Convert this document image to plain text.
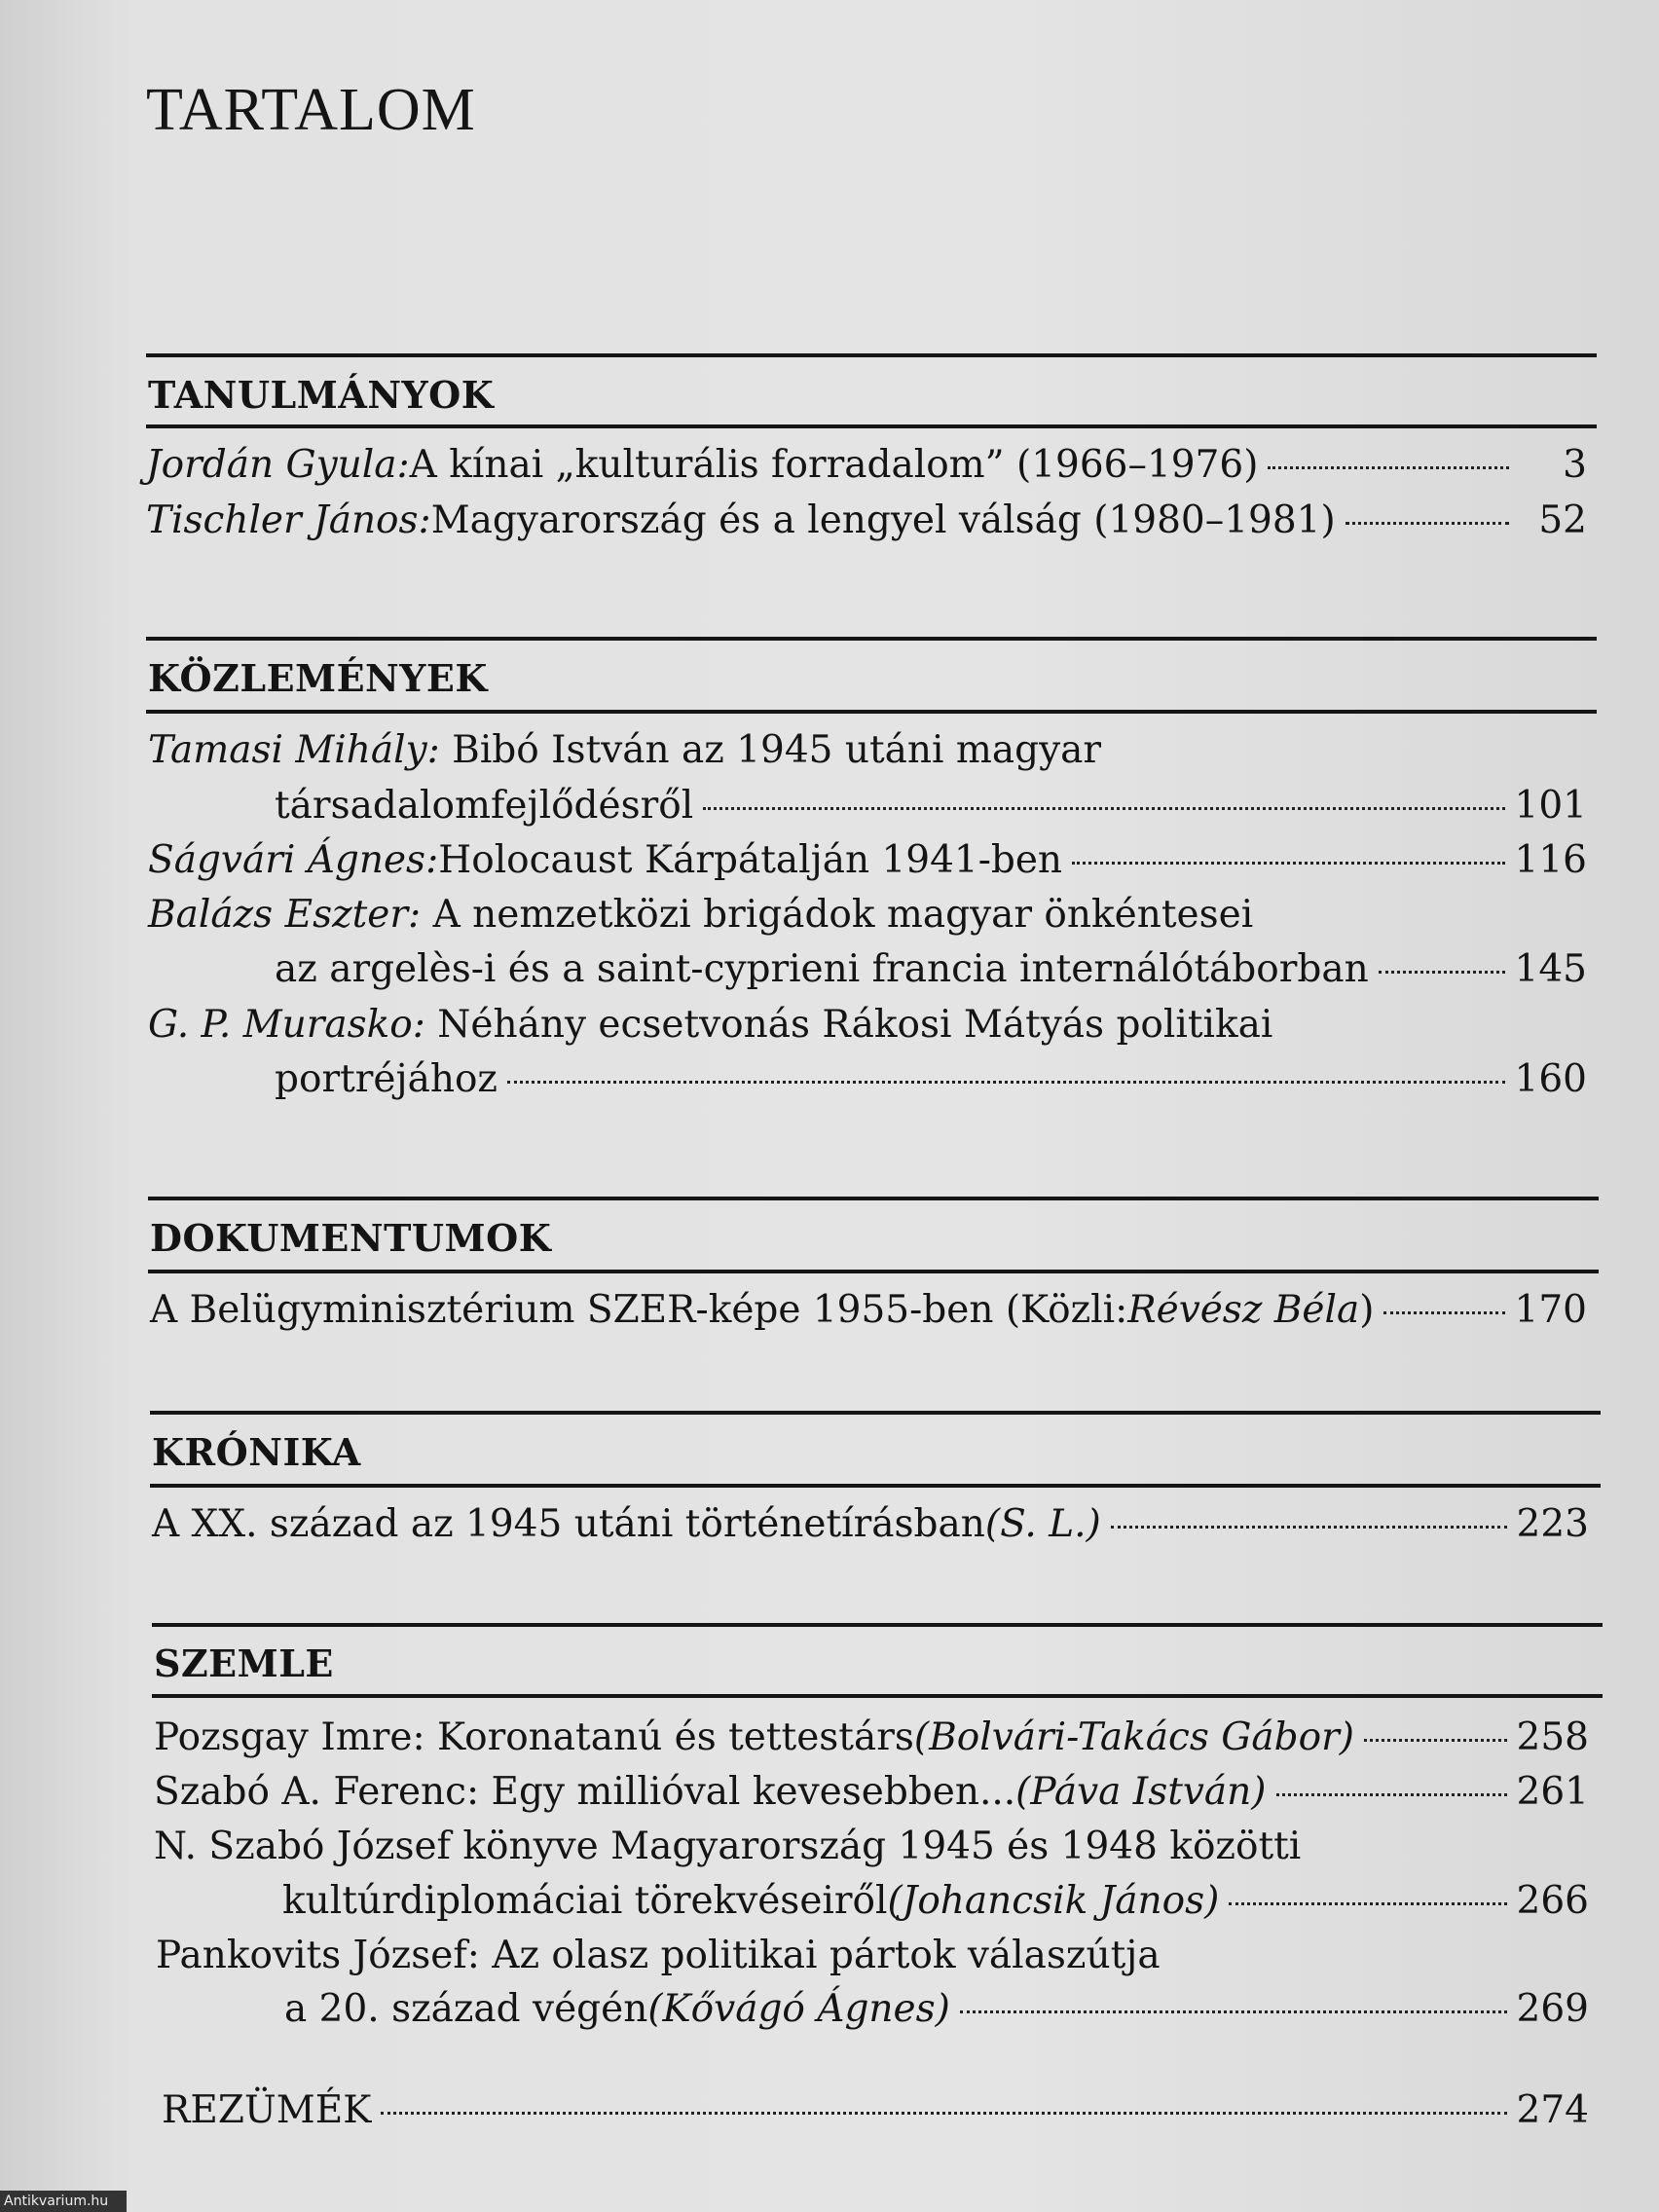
TARTALOM
TANULMÁNYOK
Jordán Gyula: A kínai „kulturális forradalom” (1966–1976)	3
Tischler János: Magyarország és a lengyel válság (1980–1981)	52
KÖZLEMÉNYEK
Tamasi Mihály: Bibó István az 1945 utáni magyar
társadalomfejlődésről	101
Ságvári Ágnes: Holocaust Kárpátalján 1941-ben	116
Balázs Eszter: A nemzetközi brigádok magyar önkéntesei
az argelès-i és a saint-cyprieni francia internálótáborban	145
G. P. Murasko: Néhány ecsetvonás Rákosi Mátyás politikai
portréjához	160
DOKUMENTUMOK
A Belügyminisztérium SZER-képe 1955-ben (Közli: Révész Béla )	170
KRÓNIKA
A XX. század az 1945 utáni történetírásban (S. L.)	223
SZEMLE
Pozsgay Imre: Koronatanú és tettestárs (Bolvári-Takács Gábor)	258
Szabó A. Ferenc: Egy millióval kevesebben... (Páva István)	261
N. Szabó József könyve Magyarország 1945 és 1948 közötti
kultúrdiplomáciai törekvéseiről (Johancsik János)	266
Pankovits József: Az olasz politikai pártok válaszútja
a 20. század végén (Kővágó Ágnes)	269
REZÜMÉK	274
Antikvarium.hu
